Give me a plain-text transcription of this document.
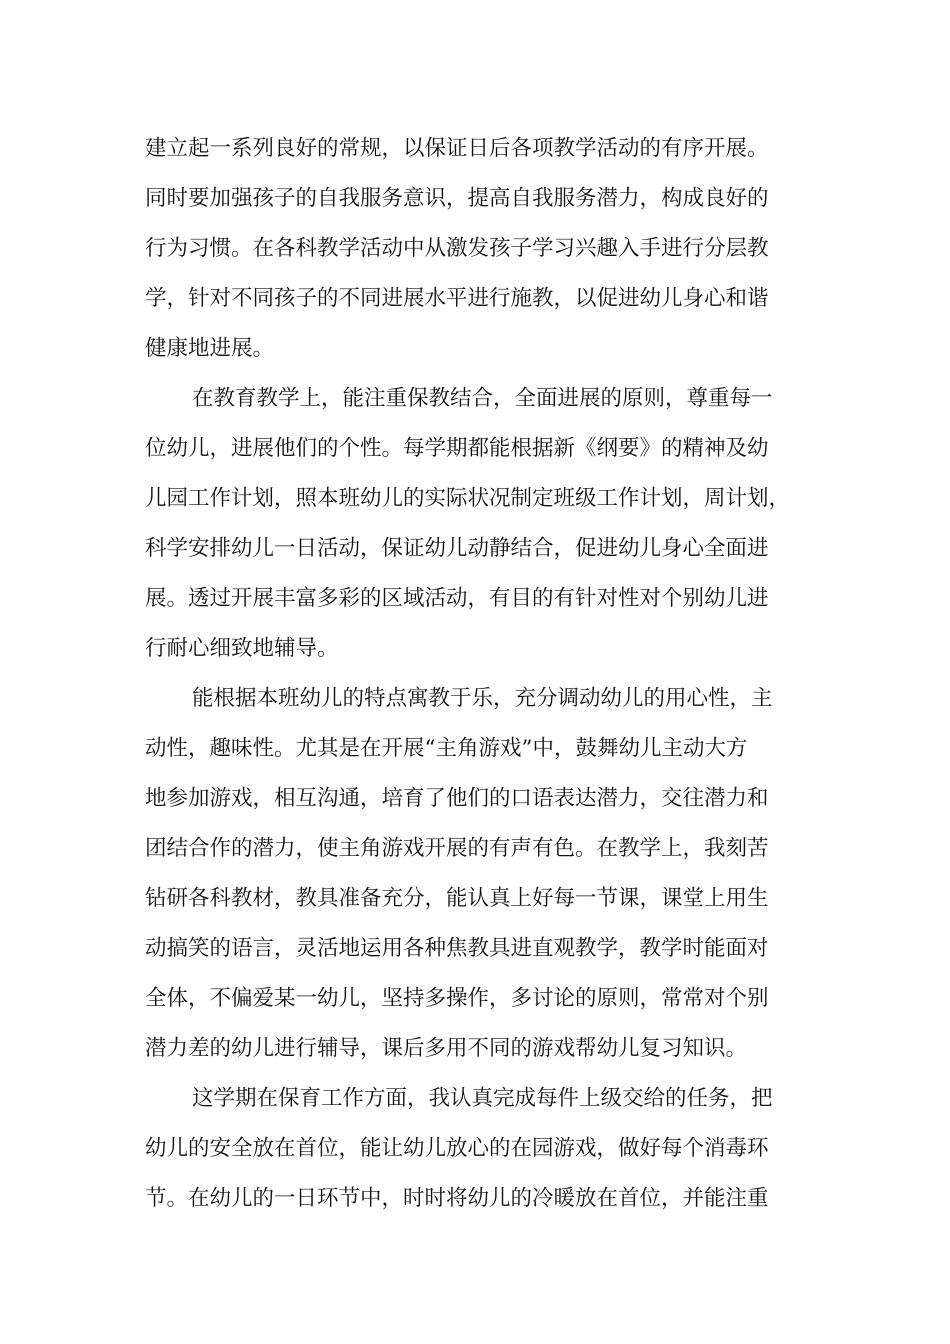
建立起一系列良好的常规，以保证日后各项教学活动的有序开展。
同时要加强孩子的自我服务意识，提高自我服务潜力，构成良好的
行为习惯。在各科教学活动中从激发孩子学习兴趣入手进行分层教
学，针对不同孩子的不同进展水平进行施教，以促进幼儿身心和谐
健康地进展。
在教育教学上，能注重保教结合，全面进展的原则，尊重每一
位幼儿，进展他们的个性。每学期都能根据新《纲要》的精神及幼
儿园工作计划，照本班幼儿的实际状况制定班级工作计划，周计划，
科学安排幼儿一日活动，保证幼儿动静结合，促进幼儿身心全面进
展。透过开展丰富多彩的区域活动，有目的有针对性对个别幼儿进
行耐心细致地辅导。
能根据本班幼儿的特点寓教于乐，充分调动幼儿的用心性，主
动性，趣味性。尤其是在开展“主角游戏”中，鼓舞幼儿主动大方
地参加游戏，相互沟通，培育了他们的口语表达潜力，交往潜力和
团结合作的潜力，使主角游戏开展的有声有色。在教学上，我刻苦
钻研各科教材，教具准备充分，能认真上好每一节课，课堂上用生
动搞笑的语言，灵活地运用各种焦教具进直观教学，教学时能面对
全体，不偏爱某一幼儿，坚持多操作，多讨论的原则，常常对个别
潜力差的幼儿进行辅导，课后多用不同的游戏帮幼儿复习知识。
这学期在保育工作方面，我认真完成每件上级交给的任务，把
幼儿的安全放在首位，能让幼儿放心的在园游戏，做好每个消毒环
节。在幼儿的一日环节中，时时将幼儿的冷暖放在首位，并能注重
